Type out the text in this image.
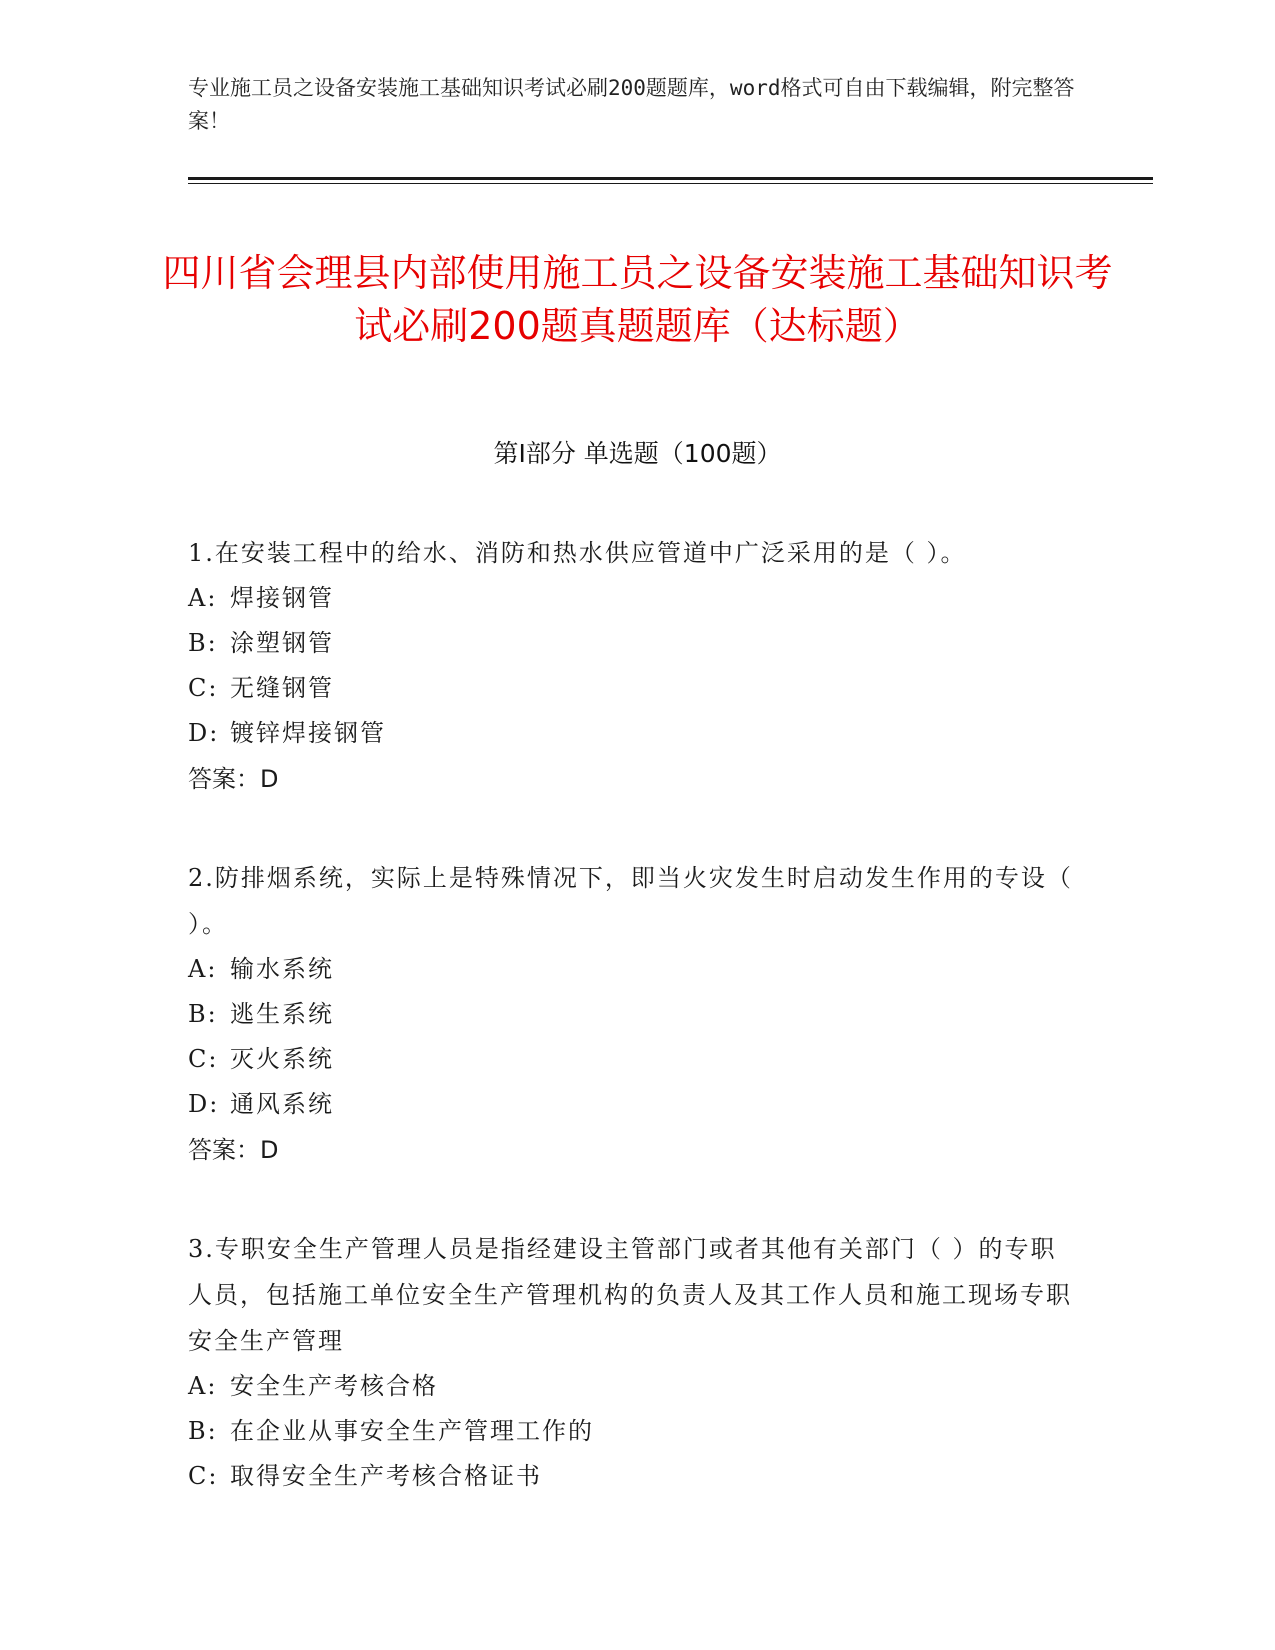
专业施工员之设备安装施工基础知识考试必刷200题题库，word格式可自由下载编辑，附完整答案！
四川省会理县内部使用施工员之设备安装施工基础知识考试必刷200题真题题库（达标题）
第Ⅰ部分 单选题（100题）
1.在安装工程中的给水、消防和热水供应管道中广泛采用的是（ ）。
A: 焊接钢管
B: 涂塑钢管
C: 无缝钢管
D: 镀锌焊接钢管
答案：D
2.防排烟系统，实际上是特殊情况下，即当火灾发生时启动发生作用的专设（ ）。
A: 输水系统
B: 逃生系统
C: 灭火系统
D: 通风系统
答案：D
3.专职安全生产管理人员是指经建设主管部门或者其他有关部门（ ）的专职人员，包括施工单位安全生产管理机构的负责人及其工作人员和施工现场专职安全生产管理
A: 安全生产考核合格
B: 在企业从事安全生产管理工作的
C: 取得安全生产考核合格证书
